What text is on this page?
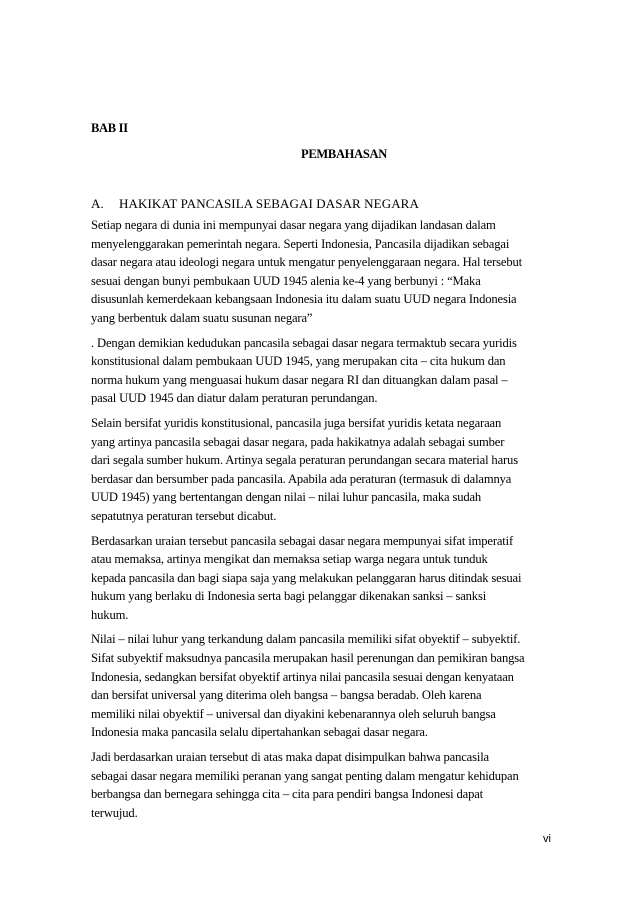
BAB II
PEMBAHASAN
A. HAKIKAT PANCASILA SEBAGAI DASAR NEGARA
Setiap negara di dunia ini mempunyai dasar negara yang dijadikan landasan dalam
menyelenggarakan pemerintah negara. Seperti Indonesia, Pancasila dijadikan sebagai
dasar negara atau ideologi negara untuk mengatur penyelenggaraan negara. Hal tersebut
sesuai dengan bunyi pembukaan UUD 1945 alenia ke-4 yang berbunyi : “Maka
disusunlah kemerdekaan kebangsaan Indonesia itu dalam suatu UUD negara Indonesia
yang berbentuk dalam suatu susunan negara”
. Dengan demikian kedudukan pancasila sebagai dasar negara termaktub secara yuridis
konstitusional dalam pembukaan UUD 1945, yang merupakan cita – cita hukum dan
norma hukum yang menguasai hukum dasar negara RI dan dituangkan dalam pasal –
pasal UUD 1945 dan diatur dalam peraturan perundangan.
Selain bersifat yuridis konstitusional, pancasila juga bersifat yuridis ketata negaraan
yang artinya pancasila sebagai dasar negara, pada hakikatnya adalah sebagai sumber
dari segala sumber hukum. Artinya segala peraturan perundangan secara material harus
berdasar dan bersumber pada pancasila. Apabila ada peraturan (termasuk di dalamnya
UUD 1945) yang bertentangan dengan nilai – nilai luhur pancasila, maka sudah
sepatutnya peraturan tersebut dicabut.
Berdasarkan uraian tersebut pancasila sebagai dasar negara mempunyai sifat imperatif
atau memaksa, artinya mengikat dan memaksa setiap warga negara untuk tunduk
kepada pancasila dan bagi siapa saja yang melakukan pelanggaran harus ditindak sesuai
hukum yang berlaku di Indonesia serta bagi pelanggar dikenakan sanksi – sanksi
hukum.
Nilai – nilai luhur yang terkandung dalam pancasila memiliki sifat obyektif – subyektif.
Sifat subyektif maksudnya pancasila merupakan hasil perenungan dan pemikiran bangsa
Indonesia, sedangkan bersifat obyektif artinya nilai pancasila sesuai dengan kenyataan
dan bersifat universal yang diterima oleh bangsa – bangsa beradab. Oleh karena
memiliki nilai obyektif – universal dan diyakini kebenarannya oleh seluruh bangsa
Indonesia maka pancasila selalu dipertahankan sebagai dasar negara.
Jadi berdasarkan uraian tersebut di atas maka dapat disimpulkan bahwa pancasila
sebagai dasar negara memiliki peranan yang sangat penting dalam mengatur kehidupan
berbangsa dan bernegara sehingga cita – cita para pendiri bangsa Indonesi dapat
terwujud.
vi
